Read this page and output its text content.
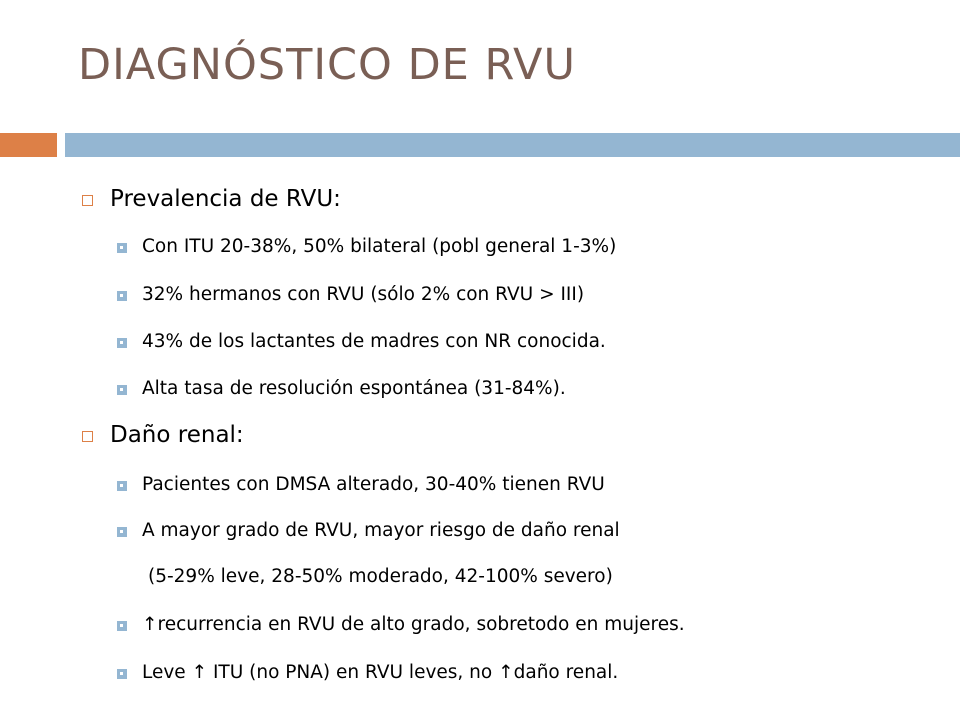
DIAGNÓSTICO DE RVU
Prevalencia de RVU:
Con ITU 20-38%, 50% bilateral (pobl general 1-3%)
32% hermanos con RVU (sólo 2% con RVU > III)
43% de los lactantes de madres con NR conocida.
Alta tasa de resolución espontánea (31-84%).
Daño renal:
Pacientes con DMSA alterado, 30-40% tienen RVU
A mayor grado de RVU, mayor riesgo de daño renal
(5-29% leve, 28-50% moderado, 42-100% severo)
↑recurrencia en RVU de alto grado, sobretodo en mujeres.
Leve ↑ ITU (no PNA) en RVU leves, no ↑daño renal.
